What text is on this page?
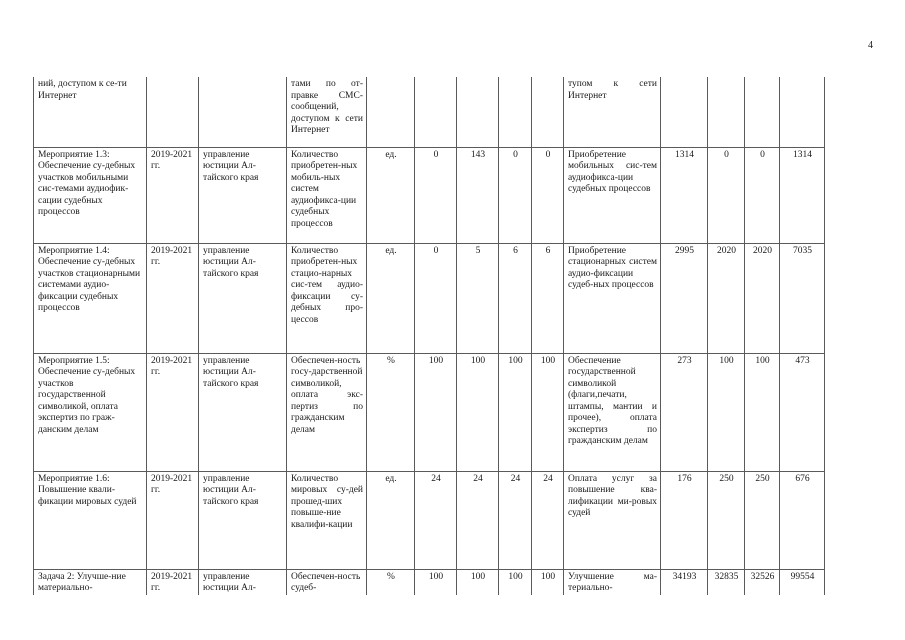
4
ний, доступом к се-ти Интернет			тами по от-правке СМС-сообщений, доступом к сети Интернет						тупом к сети Интернет				
Мероприятие 1.3: Обеспечение су-дебных участков мобильными сис-темами аудиофик-сации судебных процессов	2019-2021 гг.	управление юстиции Ал-тайского края	Количество приобретен-ных мобиль-ных систем аудиофикса-ции судебных процессов	ед.	0	143	0	0	Приобретение мобильных сис-тем аудиофикса-ции судебных процессов	1314	0	0	1314
Мероприятие 1.4: Обеспечение су-дебных участков стационарными системами аудио-фиксации судебных процессов	2019-2021 гг.	управление юстиции Ал-тайского края	Количество приобретен-ных стацио-нарных сис-тем аудио-фиксации су-дебных про-цессов	ед.	0	5	6	6	Приобретение стационарных систем аудио-фиксации судеб-ных процессов	2995	2020	2020	7035
Мероприятие 1.5: Обеспечение су-дебных участков государственной символикой, оплата экспертиз по граж-данским делам	2019-2021 гг.	управление юстиции Ал-тайского края	Обеспечен-ность госу-дарственной символикой, оплата экс-пертиз по гражданским делам	%	100	100	100	100	Обеспечение государственной символикой (флаги,печати, штампы, мантии и прочее), оплата экспертиз по гражданским делам	273	100	100	473
Мероприятие 1.6: Повышение квали-фикации мировых судей	2019-2021 гг.	управление юстиции Ал-тайского края	Количество мировых су-дей прошед-ших повыше-ние квалифи-кации	ед.	24	24	24	24	Оплата услуг за повышение ква-лификации ми-ровых судей	176	250	250	676
Задача 2: Улучше-ние материально-	2019-2021 гг.	управление юстиции Ал-	Обеспечен-ность судеб-	%	100	100	100	100	Улучшение ма-териально-	34193	32835	32526	99554
